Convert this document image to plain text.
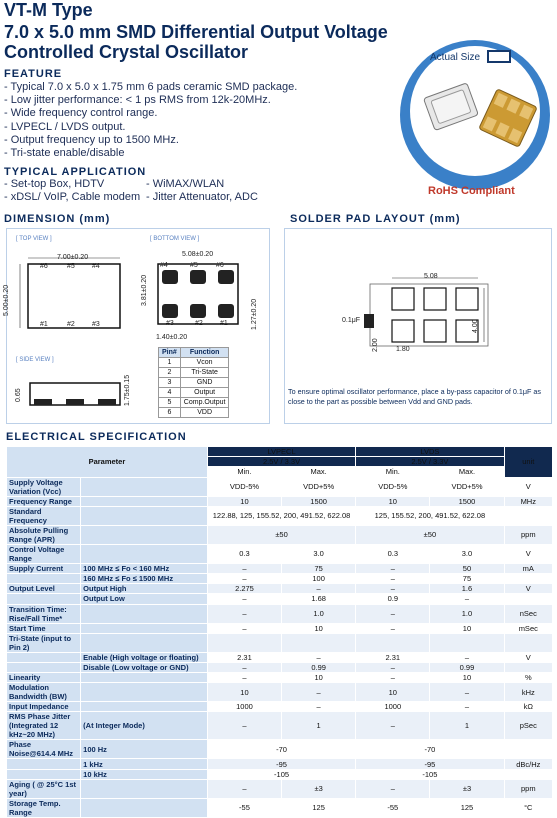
VT-M Type
7.0 x 5.0 mm SMD Differential Output Voltage
Controlled Crystal Oscillator
FEATURE
- Typical 7.0 x 5.0 x 1.75 mm 6 pads ceramic SMD package.
- Low jitter performance: < 1 ps RMS from 12k-20MHz.
- Wide frequency control range.
- LVPECL / LVDS output.
- Output frequency up to 1500 MHz.
- Tri-state enable/disable
TYPICAL APPLICATION
- Set-top Box, HDTV
- xDSL/ VoIP, Cable modem
- WiMAX/WLAN
- Jitter Attenuator, ADC
Actual Size
RoHS Compliant
DIMENSION (mm)
[ TOP VIEW ]	[ BOTTOM VIEW ]
[ SIDE VIEW ]
7.00±0.20
5.00±0.20
#6	#5 #4
#1	#2 #3
5.08±0.20
3.81±0.20
1.27±0.20
1.40±0.20
#4	#5	#6
#3	#2 #1
0.65	1.75±0.15
Pin#	Function
1	Vcon
2	Tri-State
3	GND
4	Output
5	Comp.Output
6	VDD
SOLDER PAD LAYOUT (mm)
5.08
4.00
2.00 1.80
0.1μF
To ensure optimal oscillator performance, place a by-pass capacitor of 0.1μF as close to the part as possible between Vdd and GND pads.
ELECTRICAL SPECIFICATION
Parameter		LVPECL		LVDS		unit
		2.5V / 3.3V		2.5V / 3.3V		
		Min.	Max.	Min.	Max.	
Supply Voltage Variation (Vcc)		VDD-5%	VDD+5%	VDD-5%	VDD+5%	V
Frequency Range		10	1500	10	1500	MHz
Standard Frequency		122.88, 125, 155.52, 200, 491.52, 622.08		125, 155.52, 200, 491.52, 622.08		
Absolute Pulling Range (APR)		±50		±50		ppm
Control Voltage Range		0.3	3.0	0.3	3.0	V
Supply Current	100 MHz ≤ Fo < 160 MHz	–	75	–	50	mA
	160 MHz ≤ Fo ≤ 1500 MHz	–	100	–	75	
Output Level	Output High	2.275	–	–	1.6	V
	Output Low	–	1.68	0.9	–	
Transition Time: Rise/Fall Time*		–	1.0	–	1.0	nSec
Start Time		–	10	–	10	mSec
Tri-State (input to Pin 2)						
	Enable (High voltage or floating)	2.31	–	2.31	–	V
	Disable (Low voltage or GND)	–	0.99	–	0.99	
Linearity		–	10	–	10	%
Modulation Bandwidth (BW)		10	–	10	–	kHz
Input Impedance		1000	–	1000	–	kΩ
RMS Phase Jitter (Integrated 12 kHz~20 MHz)	(At Integer Mode)	–	1	–	1	pSec
Phase Noise@614.4 MHz	100 Hz	-70		-70		
	1 kHz	-95		-95		dBc/Hz
	10 kHz	-105		-105		
Aging ( @ 25°C 1st year)		–	±3	–	±3	ppm
Storage Temp. Range		-55	125	-55	125	°C
